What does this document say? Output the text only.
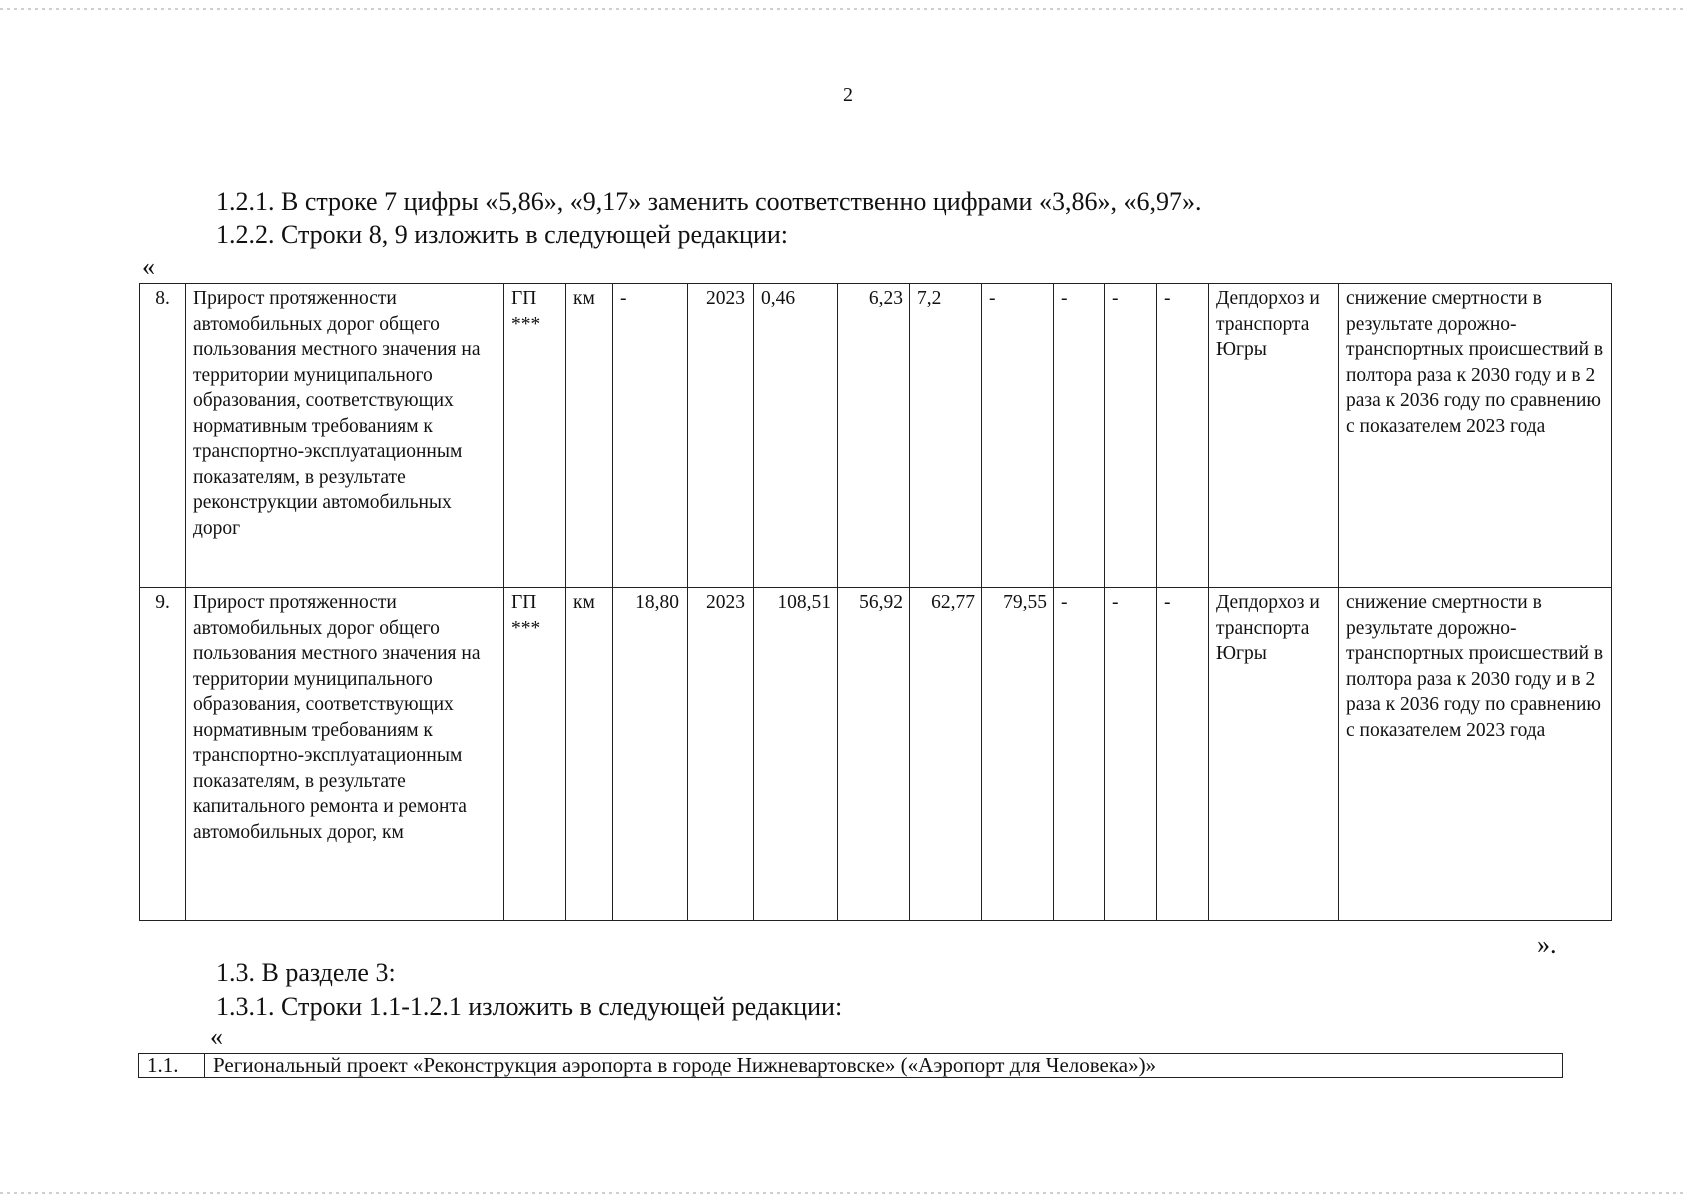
2
1.2.1. В строке 7 цифры «5,86», «9,17» заменить соответственно цифрами «3,86», «6,97».
1.2.2. Строки 8, 9 изложить в следующей редакции:
«
8.	Прирост протяженности автомобильных дорог общего пользования местного значения на территории муниципального образования, соответствующих нормативным требованиям к транспортно-эксплуатационным показателям, в результате реконструкции автомобильных дорог	ГП ***	км	-	2023	0,46	6,23	7,2	-	-	-	-	Депдорхоз и транспорта Югры	снижение смертности в результате дорожно-транспортных происшествий в полтора раза к 2030 году и в 2 раза к 2036 году по сравнению с показателем 2023 года
9.	Прирост протяженности автомобильных дорог общего пользования местного значения на территории муниципального образования, соответствующих нормативным требованиям к транспортно-эксплуатационным показателям, в результате капитального ремонта и ремонта автомобильных дорог, км	ГП ***	км	18,80	2023	108,51	56,92	62,77	79,55	-	-	-	Депдорхоз и транспорта Югры	снижение смертности в результате дорожно-транспортных происшествий в полтора раза к 2030 году и в 2 раза к 2036 году по сравнению с показателем 2023 года
».
1.3. В разделе 3:
1.3.1. Строки 1.1-1.2.1 изложить в следующей редакции:
«
1.1.	Региональный проект «Реконструкция аэропорта в городе Нижневартовске» («Аэропорт для Человека»)»
